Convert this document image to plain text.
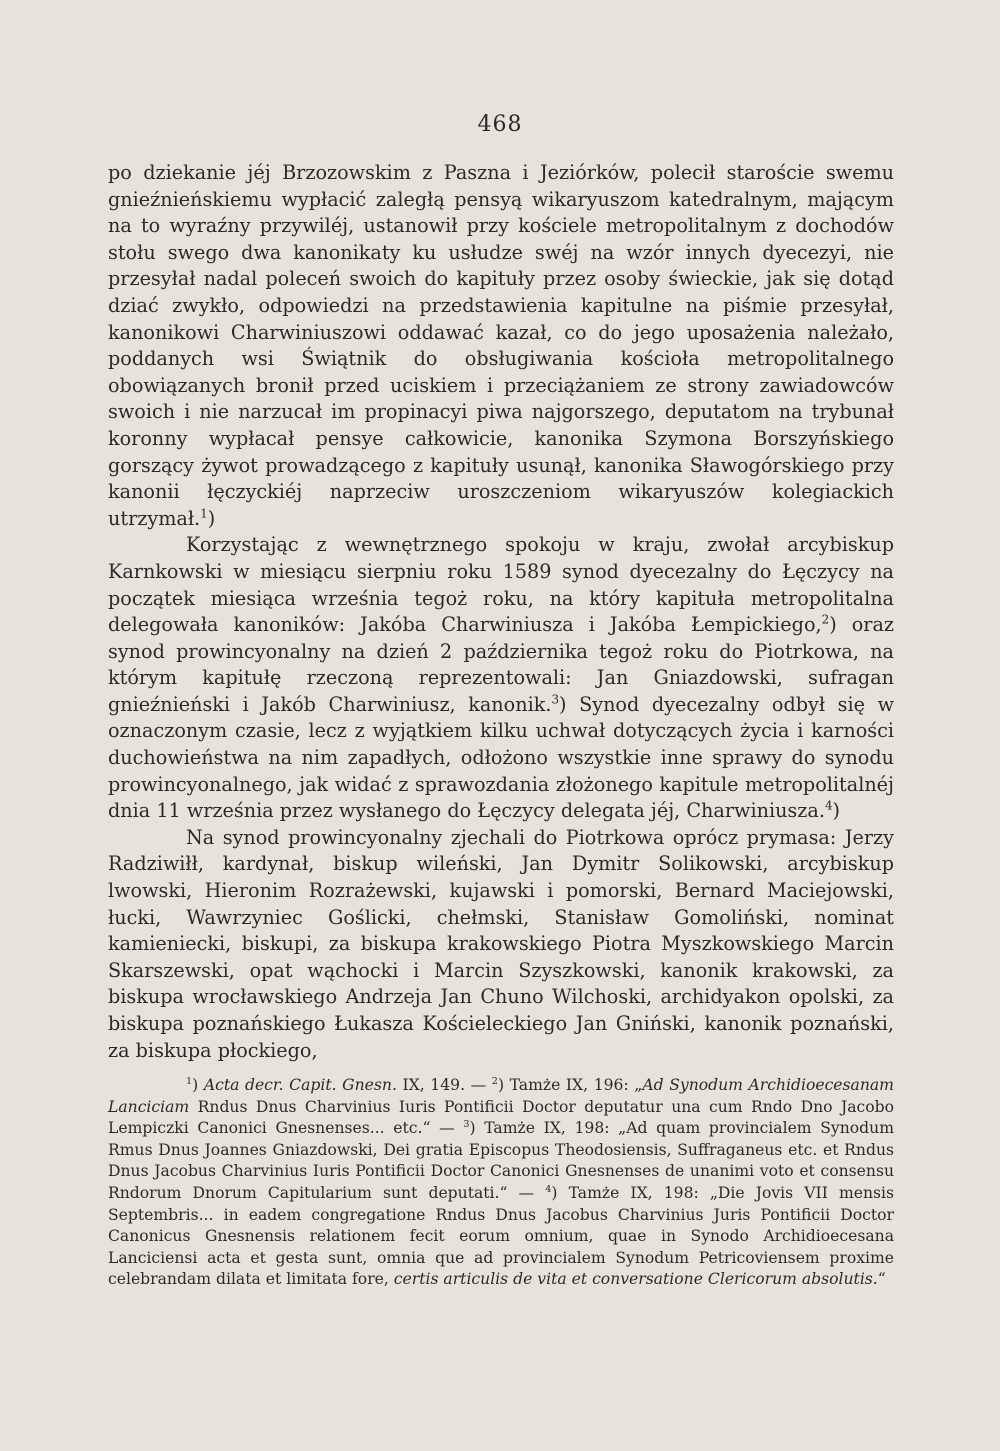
468

po dziekanie jéj Brzozowskim z Paszna i Jeziórków, polecił staroście swemu gnieźnieńskiemu wypłacić zaległą pensyą wikaryuszom katedralnym, mającym na to wyraźny przywiléj, ustanowił przy kościele metropolitalnym z dochodów stołu swego dwa kanonikaty ku usłudze swéj na wzór innych dyecezyi, nie przesyłał nadal poleceń swoich do kapituły przez osoby świeckie, jak się dotąd dziać zwykło, odpowiedzi na przedstawienia kapitulne na piśmie przesyłał, kanonikowi Charwiniuszowi oddawać kazał, co do jego uposażenia należało, poddanych wsi Świątnik do obsługiwania kościoła metropolitalnego obowiązanych bronił przed uciskiem i przeciążaniem ze strony zawiadowców swoich i nie narzucał im propinacyi piwa najgorszego, deputatom na trybunał koronny wypłacał pensye całkowicie, kanonika Szymona Borszyńskiego gorszący żywot prowadzącego z kapituły usunął, kanonika Sławogórskiego przy kanonii łęczyckiéj naprzeciw uroszczeniom wikaryuszów kolegiackich utrzymał.$^1$)

Korzystając z wewnętrznego spokoju w kraju, zwołał arcybiskup Karnkowski w miesiącu sierpniu roku 1589 synod dyecezalny do Łęczycy na początek miesiąca września tegoż roku, na który kapituła metropolitalna delegowała kanoników: Jakóba Charwiniusza i Jakóba Łempickiego,$^2$) oraz synod prowincyonalny na dzień 2 października tegoż roku do Piotrkowa, na którym kapitułę rzeczoną reprezentowali: Jan Gniazdowski, sufragan gnieźnieński i Jakób Charwiniusz, kanonik.$^3$) Synod dyecezalny odbył się w oznaczonym czasie, lecz z wyjątkiem kilku uchwał dotyczących życia i karności duchowieństwa na nim zapadłych, odłożono wszystkie inne sprawy do synodu prowincyonalnego, jak widać z sprawozdania złożonego kapitule metropolitalnéj dnia 11 września przez wysłanego do Łęczycy delegata jéj, Charwiniusza.$^4$)

Na synod prowincyonalny zjechali do Piotrkowa oprócz prymasa: Jerzy Radziwiłł, kardynał, biskup wileński, Jan Dymitr Solikowski, arcybiskup lwowski, Hieronim Rozrażewski, kujawski i pomorski, Bernard Maciejowski, łucki, Wawrzyniec Goślicki, chełmski, Stanisław Gomoliński, nominat kamieniecki, biskupi, za biskupa krakowskiego Piotra Myszkowskiego Marcin Skarszewski, opat wąchocki i Marcin Szyszkowski, kanonik krakowski, za biskupa wrocławskiego Andrzeja Jan Chuno Wilchoski, archidyakon opolski, za biskupa poznańskiego Łukasza Kościeleckiego Jan Gniński, kanonik poznański, za biskupa płockiego,

$^1$) Acta decr. Capit. Gnesn. IX, 149. — $^2$) Tamże IX, 196: „Ad Synodum Archidioecesanam Lanciciam Rndus Dnus Charvinius Iuris Pontificii Doctor deputatur una cum Rndo Dno Jacobo Lempiczki Canonici Gnesnenses... etc.“ — $^3$) Tamże IX, 198: „Ad quam provincialem Synodum Rmus Dnus Joannes Gniazdowski, Dei gratia Episcopus Theodosiensis, Suffraganeus etc. et Rndus Dnus Jacobus Charvinius Iuris Pontificii Doctor Canonici Gnesnenses de unanimi voto et consensu Rndorum Dnorum Capitularium sunt deputati.“ — $^4$) Tamże IX, 198: „Die Jovis VII mensis Septembris... in eadem congregatione Rndus Dnus Jacobus Charvinius Juris Pontificii Doctor Canonicus Gnesnensis relationem fecit eorum omnium, quae in Synodo Archidioecesana Lanciciensi acta et gesta sunt, omnia que ad provincialem Synodum Petricoviensem proxime celebrandam dilata et limitata fore, certis articulis de vita et conversatione Clericorum absolutis.“
